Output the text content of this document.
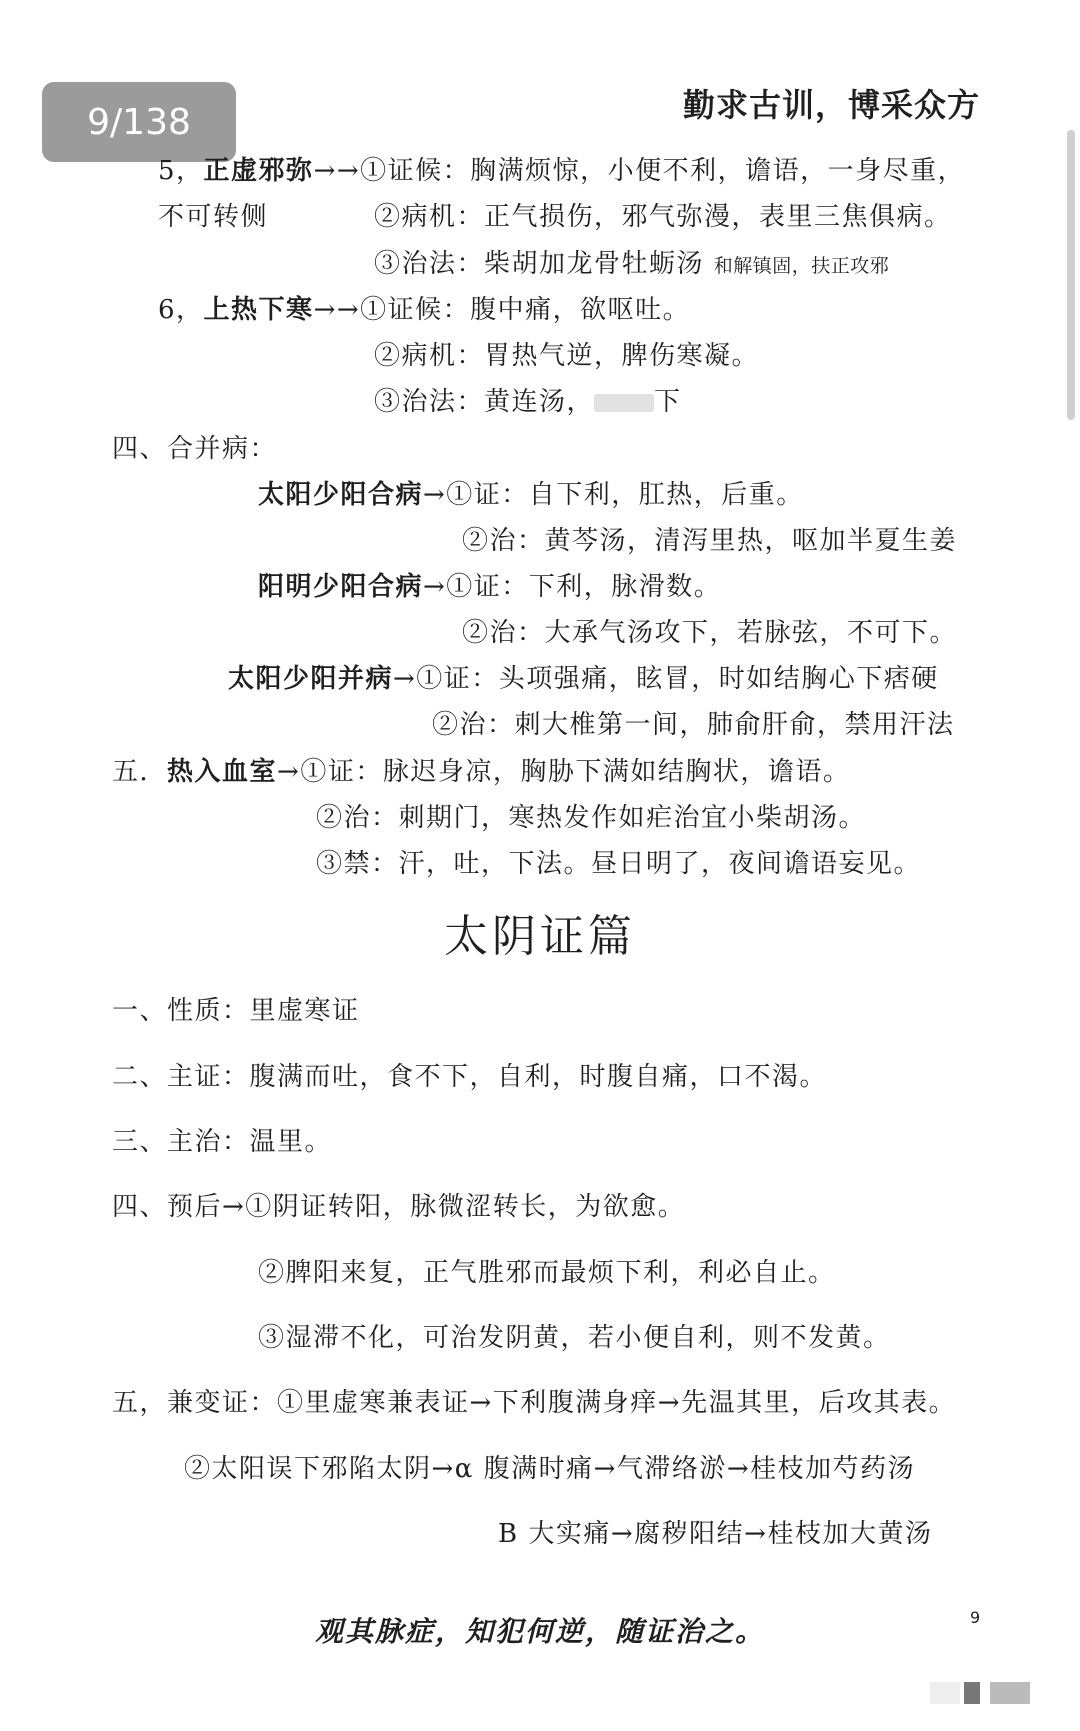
9/138	勤求古训，博采众方
5，正虚邪弥→→①证候：胸满烦惊，小便不利，谵语，一身尽重，
不可转侧	②病机：正气损伤，邪气弥漫，表里三焦俱病。
③治法：柴胡加龙骨牡蛎汤 和解镇固，扶正攻邪
6，上热下寒→→①证候：腹中痛，欲呕吐。
②病机：胃热气逆，脾伤寒凝。
③治法：黄连汤， 下
四、合并病：
太阳少阳合病→①证：自下利，肛热，后重。
②治：黄芩汤，清泻里热，呕加半夏生姜
阳明少阳合病→①证：下利，脉滑数。
②治：大承气汤攻下，若脉弦，不可下。
太阳少阳并病→①证：头项强痛，眩冒，时如结胸心下痞硬
②治：刺大椎第一间，肺俞肝俞，禁用汗法
五．热入血室→①证：脉迟身凉，胸胁下满如结胸状，谵语。
②治：刺期门，寒热发作如疟治宜小柴胡汤。
③禁：汗，吐，下法。昼日明了，夜间谵语妄见。
太阴证篇
一、性质：里虚寒证
二、主证：腹满而吐，食不下，自利，时腹自痛，口不渴。
三、主治：温里。
四、预后→①阴证转阳，脉微涩转长，为欲愈。
②脾阳来复，正气胜邪而最烦下利，利必自止。
③湿滞不化，可治发阴黄，若小便自利，则不发黄。
五，兼变证：①里虚寒兼表证→下利腹满身痒→先温其里，后攻其表。
②太阳误下邪陷太阴→α 腹满时痛→气滞络淤→桂枝加芍药汤
B 大实痛→腐秽阳结→桂枝加大黄汤
观其脉症，知犯何逆，随证治之。	9
